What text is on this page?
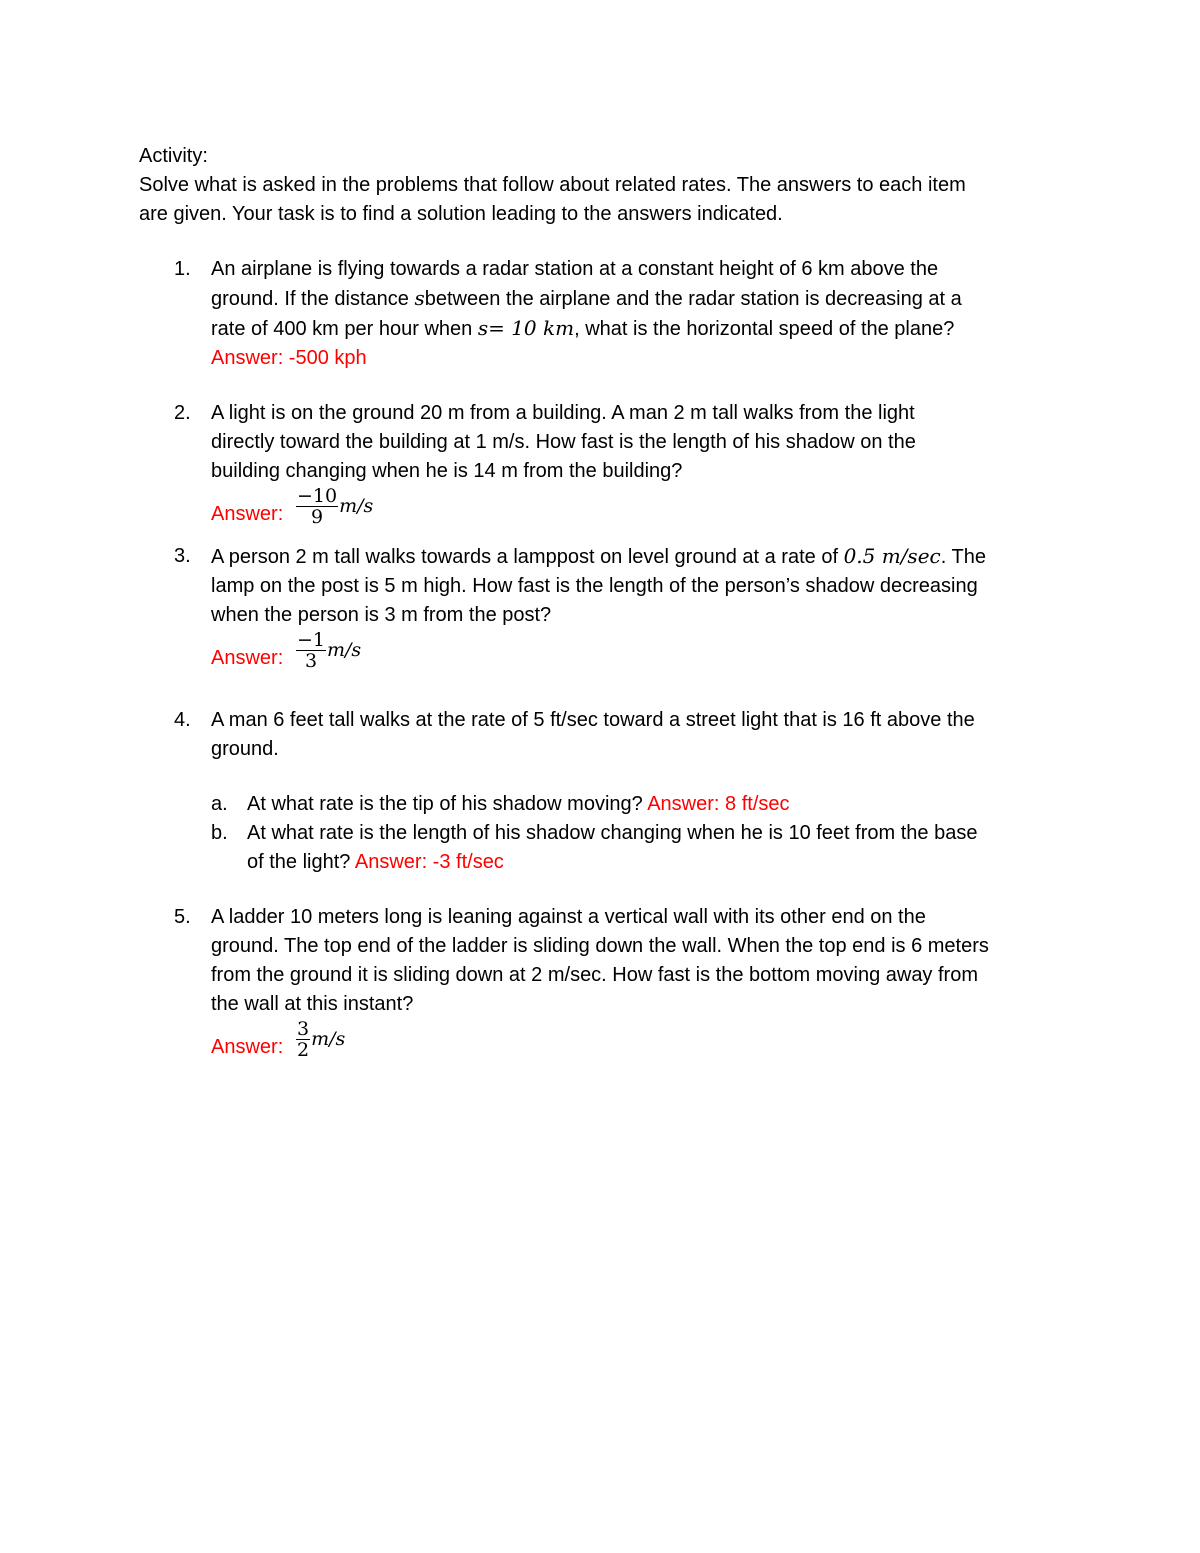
Activity:
Solve what is asked in the problems that follow about related rates. The answers to each item
are given. Your task is to find a solution leading to the answers indicated.
1. An airplane is flying towards a radar station at a constant height of 6 km above the
ground. If the distance sbetween the airplane and the radar station is decreasing at a
rate of 400 km per hour when s= 10 km, what is the horizontal speed of the plane?
Answer: -500 kph
2. A light is on the ground 20 m from a building. A man 2 m tall walks from the light
directly toward the building at 1 m/s. How fast is the length of his shadow on the
building changing when he is 14 m from the building?
Answer: $\frac{-10}{9} m/s$
3. A person 2 m tall walks towards a lamppost on level ground at a rate of 0.5 m/sec. The
lamp on the post is 5 m high. How fast is the length of the person’s shadow decreasing
when the person is 3 m from the post?
Answer: $\frac{-1}{3} m/s$
4. A man 6 feet tall walks at the rate of 5 ft/sec toward a street light that is 16 ft above the
ground.
a. At what rate is the tip of his shadow moving? Answer: 8 ft/sec
b. At what rate is the length of his shadow changing when he is 10 feet from the base
of the light? Answer: -3 ft/sec
5. A ladder 10 meters long is leaning against a vertical wall with its other end on the
ground. The top end of the ladder is sliding down the wall. When the top end is 6 meters
from the ground it is sliding down at 2 m/sec. How fast is the bottom moving away from
the wall at this instant?
Answer: $\frac{3}{2} m/s$
